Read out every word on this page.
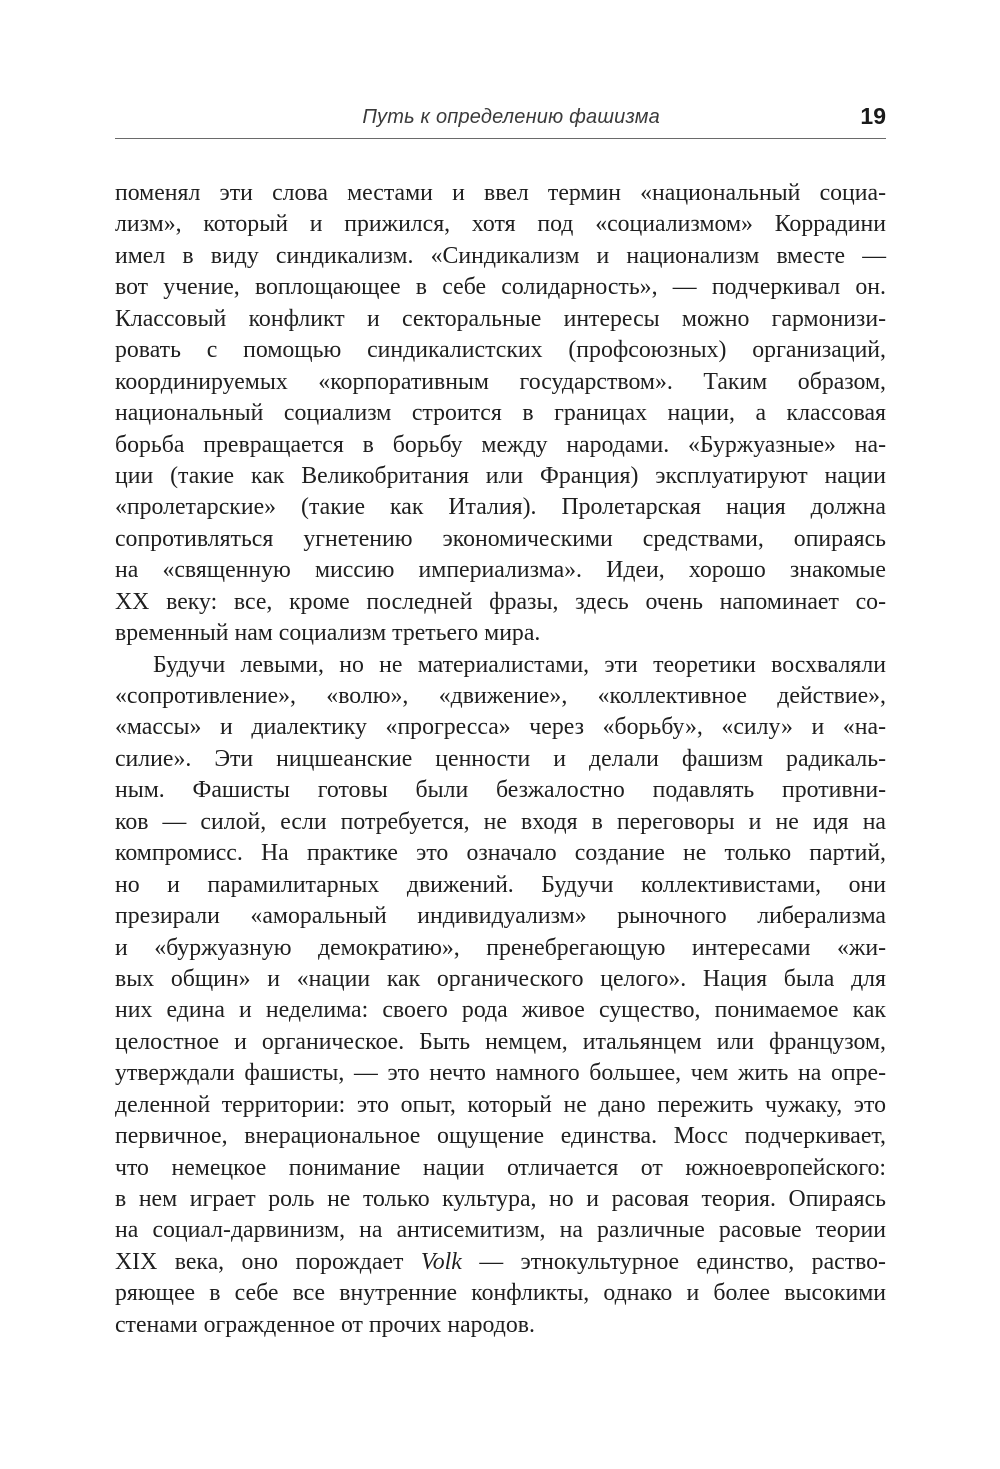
Путь к определению фашизма	19
поменял эти слова местами и ввел термин «национальный социа-
лизм», который и прижился, хотя под «социализмом» Коррадини
имел в виду синдикализм. «Синдикализм и национализм вместе —
вот учение, воплощающее в себе солидарность», — подчеркивал он.
Классовый конфликт и секторальные интересы можно гармонизи-
ровать с помощью синдикалистских (профсоюзных) организаций,
координируемых «корпоративным государством». Таким образом,
национальный социализм строится в границах нации, а классовая
борьба превращается в борьбу между народами. «Буржуазные» на-
ции (такие как Великобритания или Франция) эксплуатируют нации
«пролетарские» (такие как Италия). Пролетарская нация должна
сопротивляться угнетению экономическими средствами, опираясь
на «священную миссию империализма». Идеи, хорошо знакомые
XX веку: все, кроме последней фразы, здесь очень напоминает со-
временный нам социализм третьего мира.
Будучи левыми, но не материалистами, эти теоретики восхваляли
«сопротивление», «волю», «движение», «коллективное действие»,
«массы» и диалектику «прогресса» через «борьбу», «силу» и «на-
силие». Эти ницшеанские ценности и делали фашизм радикаль-
ным. Фашисты готовы были безжалостно подавлять противни-
ков — силой, если потребуется, не входя в переговоры и не идя на
компромисс. На практике это означало создание не только партий,
но и парамилитарных движений. Будучи коллективистами, они
презирали «аморальный индивидуализм» рыночного либерализма
и «буржуазную демократию», пренебрегающую интересами «жи-
вых общин» и «нации как органического целого». Нация была для
них едина и неделима: своего рода живое существо, понимаемое как
целостное и органическое. Быть немцем, итальянцем или французом,
утверждали фашисты, — это нечто намного большее, чем жить на опре-
деленной территории: это опыт, который не дано пережить чужаку, это
первичное, внерациональное ощущение единства. Мосс подчеркивает,
что немецкое понимание нации отличается от южноевропейского:
в нем играет роль не только культура, но и расовая теория. Опираясь
на социал-дарвинизм, на антисемитизм, на различные расовые теории
XIX века, оно порождает Volk — этнокультурное единство, раство-
ряющее в себе все внутренние конфликты, однако и более высокими
стенами огражденное от прочих народов.
